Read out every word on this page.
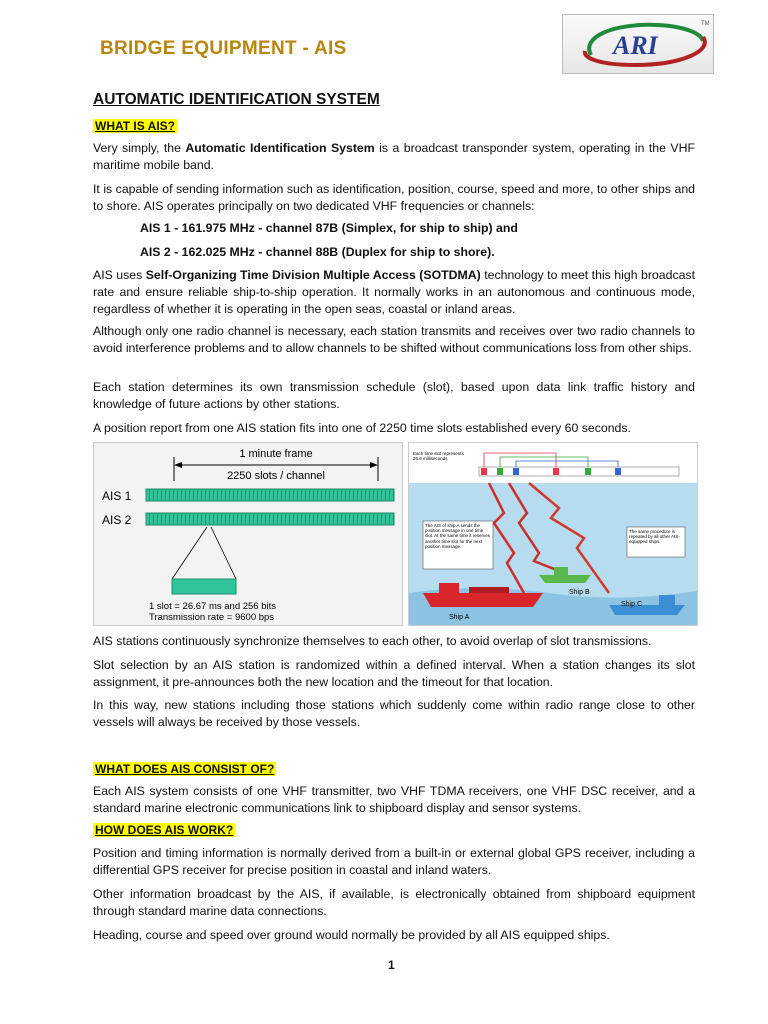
BRIDGE EQUIPMENT - AIS	ARI
TM
AUTOMATIC IDENTIFICATION SYSTEM
WHAT IS AIS?
Very simply, the Automatic Identification System is a broadcast transponder system, operating in the VHF maritime mobile band.
It is capable of sending information such as identification, position, course, speed and more, to other ships and to shore. AIS operates principally on two dedicated VHF frequencies or channels:
AIS 1 - 161.975 MHz - channel 87B (Simplex, for ship to ship) and
AIS 2 - 162.025 MHz - channel 88B (Duplex for ship to shore).
AIS uses Self-Organizing Time Division Multiple Access (SOTDMA) technology to meet this high broadcast rate and ensure reliable ship-to-ship operation. It normally works in an autonomous and continuous mode, regardless of whether it is operating in the open seas, coastal or inland areas.
Although only one radio channel is necessary, each station transmits and receives over two radio channels to avoid interference problems and to allow channels to be shifted without communications loss from other ships.
Each station determines its own transmission schedule (slot), based upon data link traffic history and knowledge of future actions by other stations.
A position report from one AIS station fits into one of 2250 time slots established every 60 seconds.
1 minute frame
2250 slots / channel
AIS 1
AIS 2
1 slot = 26.67 ms and 256 bits
Transmission rate = 9600 bps
Each time slot represents 26.6 milliseconds
The AIS of ship A sends the position message in one time slot. At the same time it reserves another time slot for the next position message.
The same procedure is repeated by all other AIS-equipped ships.
Ship A
Ship B
Ship C
AIS stations continuously synchronize themselves to each other, to avoid overlap of slot transmissions.
Slot selection by an AIS station is randomized within a defined interval. When a station changes its slot assignment, it pre-announces both the new location and the timeout for that location.
In this way, new stations including those stations which suddenly come within radio range close to other vessels will always be received by those vessels.
WHAT DOES AIS CONSIST OF?
Each AIS system consists of one VHF transmitter, two VHF TDMA receivers, one VHF DSC receiver, and a standard marine electronic communications link to shipboard display and sensor systems.
HOW DOES AIS WORK?
Position and timing information is normally derived from a built-in or external global GPS receiver, including a differential GPS receiver for precise position in coastal and inland waters.
Other information broadcast by the AIS, if available, is electronically obtained from shipboard equipment through standard marine data connections.
Heading, course and speed over ground would normally be provided by all AIS equipped ships.
1
